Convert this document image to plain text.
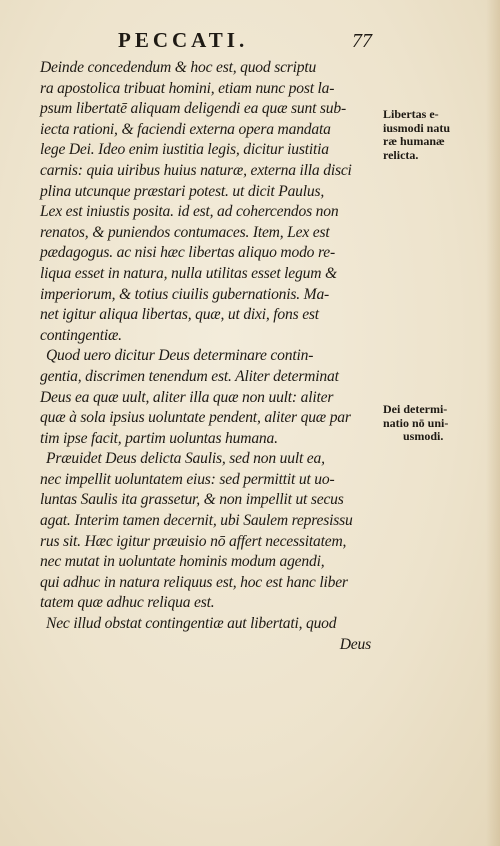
PECCATI.	77
Deinde concedendum & hoc est, quod scriptu
ra apostolica tribuat homini, etiam nunc post la-
psum libertatē aliquam deligendi ea quæ sunt sub-
iecta rationi, & faciendi externa opera mandata
lege Dei. Ideo enim iustitia legis, dicitur iustitia
carnis: quia uiribus huius naturæ, externa illa disci
plina utcunque præstari potest. ut dicit Paulus,
Lex est iniustis posita. id est, ad cohercendos non
renatos, & puniendos contumaces. Item, Lex est
pædagogus. ac nisi hæc libertas aliquo modo re-
liqua esset in natura, nulla utilitas esset legum &
imperiorum, & totius ciuilis gubernationis. Ma-
net igitur aliqua libertas, quæ, ut dixi, fons est
contingentiæ.
Quod uero dicitur Deus determinare contin-
gentia, discrimen tenendum est. Aliter determinat
Deus ea quæ uult, aliter illa quæ non uult: aliter
quæ à sola ipsius uoluntate pendent, aliter quæ par
tim ipse facit, partim uoluntas humana.
Præuidet Deus delicta Saulis, sed non uult ea,
nec impellit uoluntatem eius: sed permittit ut uo-
luntas Saulis ita grassetur, & non impellit ut secus
agat. Interim tamen decernit, ubi Saulem represissu
rus sit. Hæc igitur præuisio nō affert necessitatem,
nec mutat in uoluntate hominis modum agendi,
qui adhuc in natura reliquus est, hoc est hanc liber
tatem quæ adhuc reliqua est.
Nec illud obstat contingentiæ aut libertati, quod
Deus
Libertas e-
iusmodi natu
ræ humanæ
relicta.
Dei determi-
natio nō uni-
usmodi.
